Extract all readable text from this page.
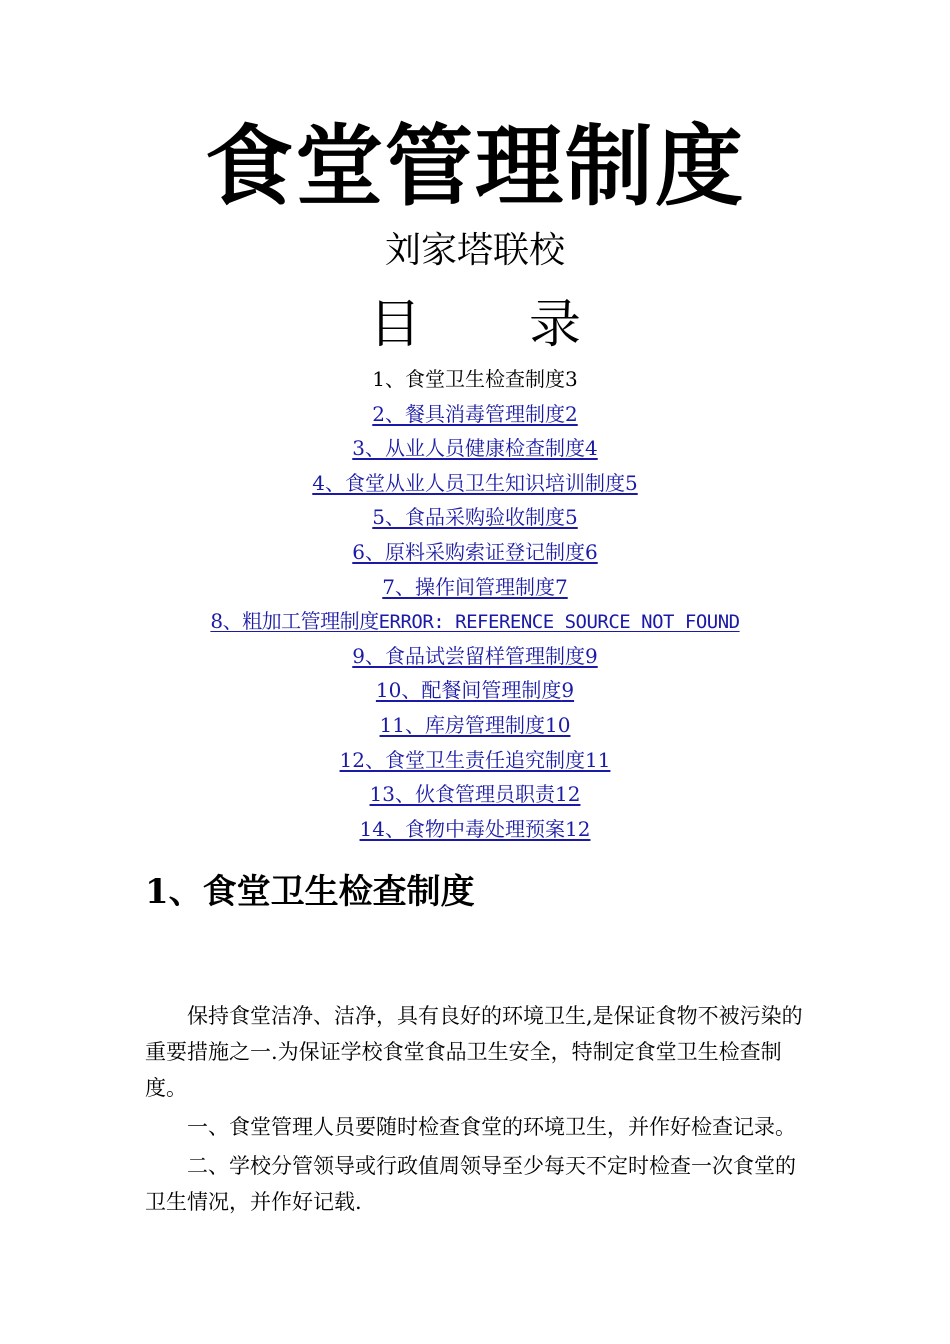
食堂管理制度
刘家塔联校
目 录
1、食堂卫生检查制度3
2、餐具消毒管理制度2
3、从业人员健康检查制度4
4、食堂从业人员卫生知识培训制度5
5、食品采购验收制度5
6、原料采购索证登记制度6
7、操作间管理制度7
8、粗加工管理制度ERROR: REFERENCE SOURCE NOT FOUND
9、食品试尝留样管理制度9
10、配餐间管理制度9
11、库房管理制度10
12、食堂卫生责任追究制度11
13、伙食管理员职责12
14、食物中毒处理预案12
1、食堂卫生检查制度

保持食堂洁净、洁净，具有良好的环境卫生,是保证食物不被污染的重要措施之一.为保证学校食堂食品卫生安全，特制定食堂卫生检查制度。

一、食堂管理人员要随时检查食堂的环境卫生，并作好检查记录。

二、学校分管领导或行政值周领导至少每天不定时检查一次食堂的卫生情况，并作好记载.
